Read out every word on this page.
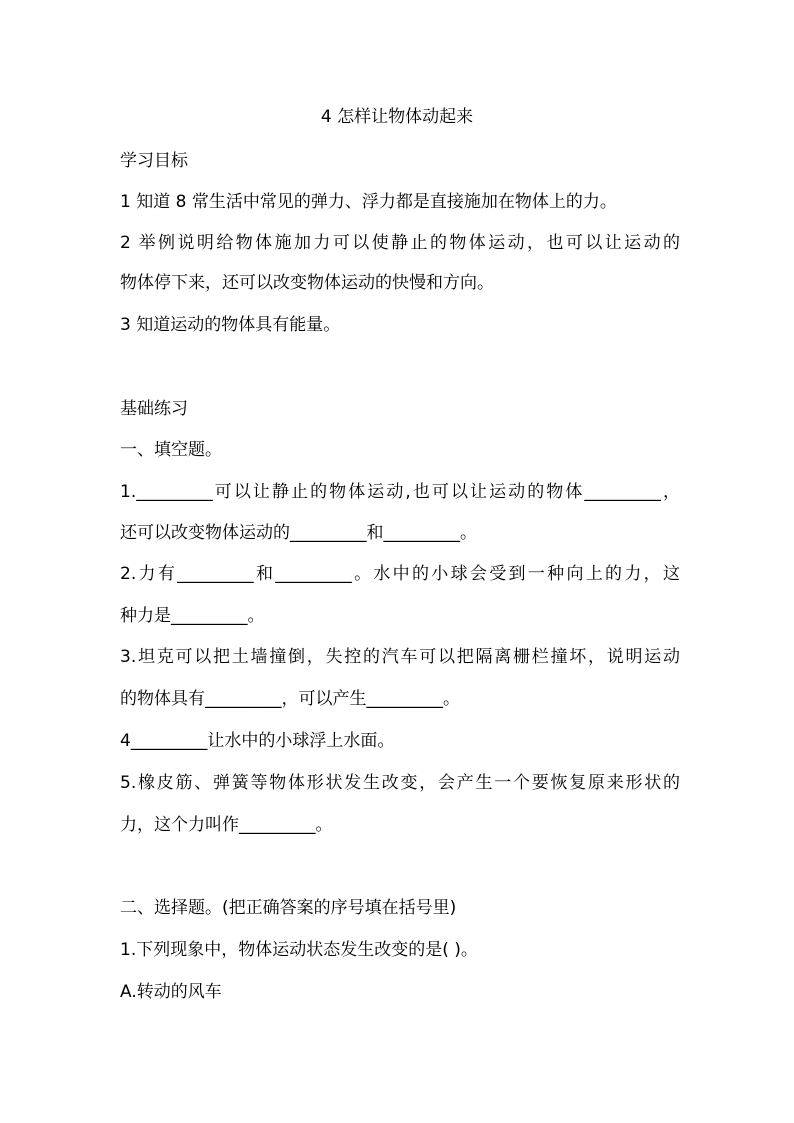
4 怎样让物体动起来
学习目标
1 知道 8 常生活中常见的弹力、浮力都是直接施加在物体上的力。
2 举例说明给物体施加力可以使静止的物体运动，也可以让运动的
物体停下来，还可以改变物体运动的快慢和方向。
3 知道运动的物体具有能量。
基础练习
一、填空题。
1._________可以让静止的物体运动,也可以让运动的物体_________，
还可以改变物体运动的_________和_________。
2.力有_________和_________。水中的小球会受到一种向上的力，这
种力是_________。
3.坦克可以把土墙撞倒，失控的汽车可以把隔离栅栏撞坏，说明运动
的物体具有_________，可以产生_________。
4_________让水中的小球浮上水面。
5.橡皮筋、弹簧等物体形状发生改变，会产生一个要恢复原来形状的
力，这个力叫作_________。
二、选择题。(把正确答案的序号填在括号里)
1.下列现象中，物体运动状态发生改变的是( )。
A.转动的风车
